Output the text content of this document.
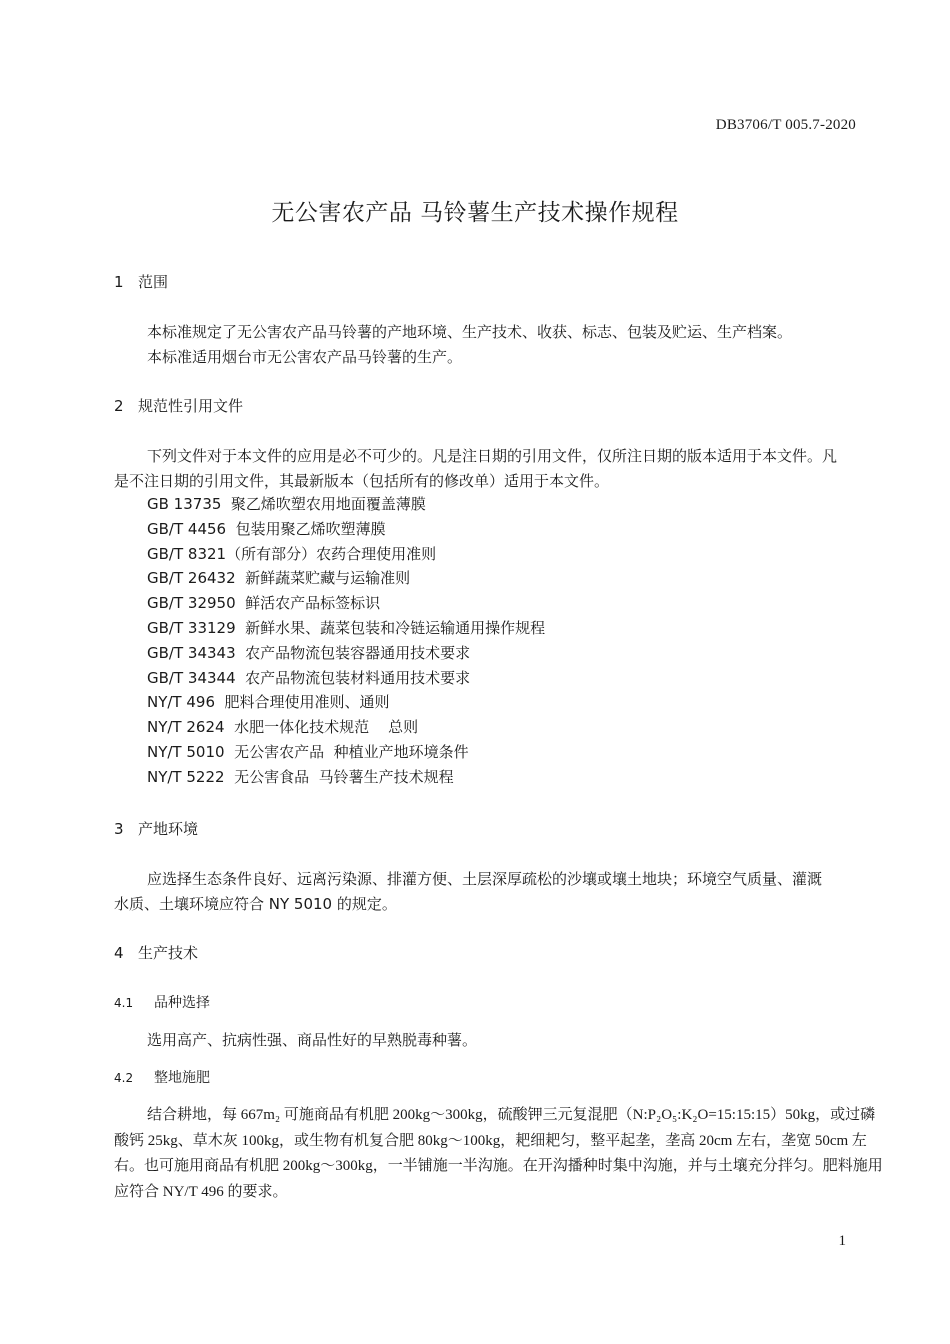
DB3706/T 005.7-2020
无公害农产品 马铃薯生产技术操作规程
1 范围

本标准规定了无公害农产品马铃薯的产地环境、生产技术、收获、标志、包装及贮运、生产档案。

本标准适用烟台市无公害农产品马铃薯的生产。

2 规范性引用文件

下列文件对于本文件的应用是必不可少的。凡是注日期的引用文件，仅所注日期的版本适用于本文件。凡是不注日期的引用文件，其最新版本（包括所有的修改单）适用于本文件。

GB 13735  聚乙烯吹塑农用地面覆盖薄膜
GB/T 4456  包装用聚乙烯吹塑薄膜
GB/T 8321（所有部分）农药合理使用准则
GB/T 26432  新鲜蔬菜贮藏与运输准则
GB/T 32950  鲜活农产品标签标识
GB/T 33129  新鲜水果、蔬菜包装和冷链运输通用操作规程
GB/T 34343  农产品物流包装容器通用技术要求
GB/T 34344  农产品物流包装材料通用技术要求
NY/T 496  肥料合理使用准则、通则
NY/T 2624  水肥一体化技术规范    总则
NY/T 5010  无公害农产品  种植业产地环境条件
NY/T 5222  无公害食品  马铃薯生产技术规程
3 产地环境

应选择生态条件良好、远离污染源、排灌方便、土层深厚疏松的沙壤或壤土地块；环境空气质量、灌溉水质、土壤环境应符合 NY 5010 的规定。

4 生产技术
4.1 品种选择

选用高产、抗病性强、商品性好的早熟脱毒种薯。

4.2 整地施肥

结合耕地，每 667m₂ 可施商品有机肥 200kg～300kg，硫酸钾三元复混肥（N:P₂O₅:K₂O=15:15:15）50kg，或过磷酸钙 25kg、草木灰 100kg，或生物有机复合肥 80kg～100kg，耙细耙匀，整平起垄，垄高 20cm 左右，垄宽 50cm 左右。也可施用商品有机肥 200kg～300kg，一半铺施一半沟施。在开沟播种时集中沟施，并与土壤充分拌匀。肥料施用应符合 NY/T 496 的要求。

1
